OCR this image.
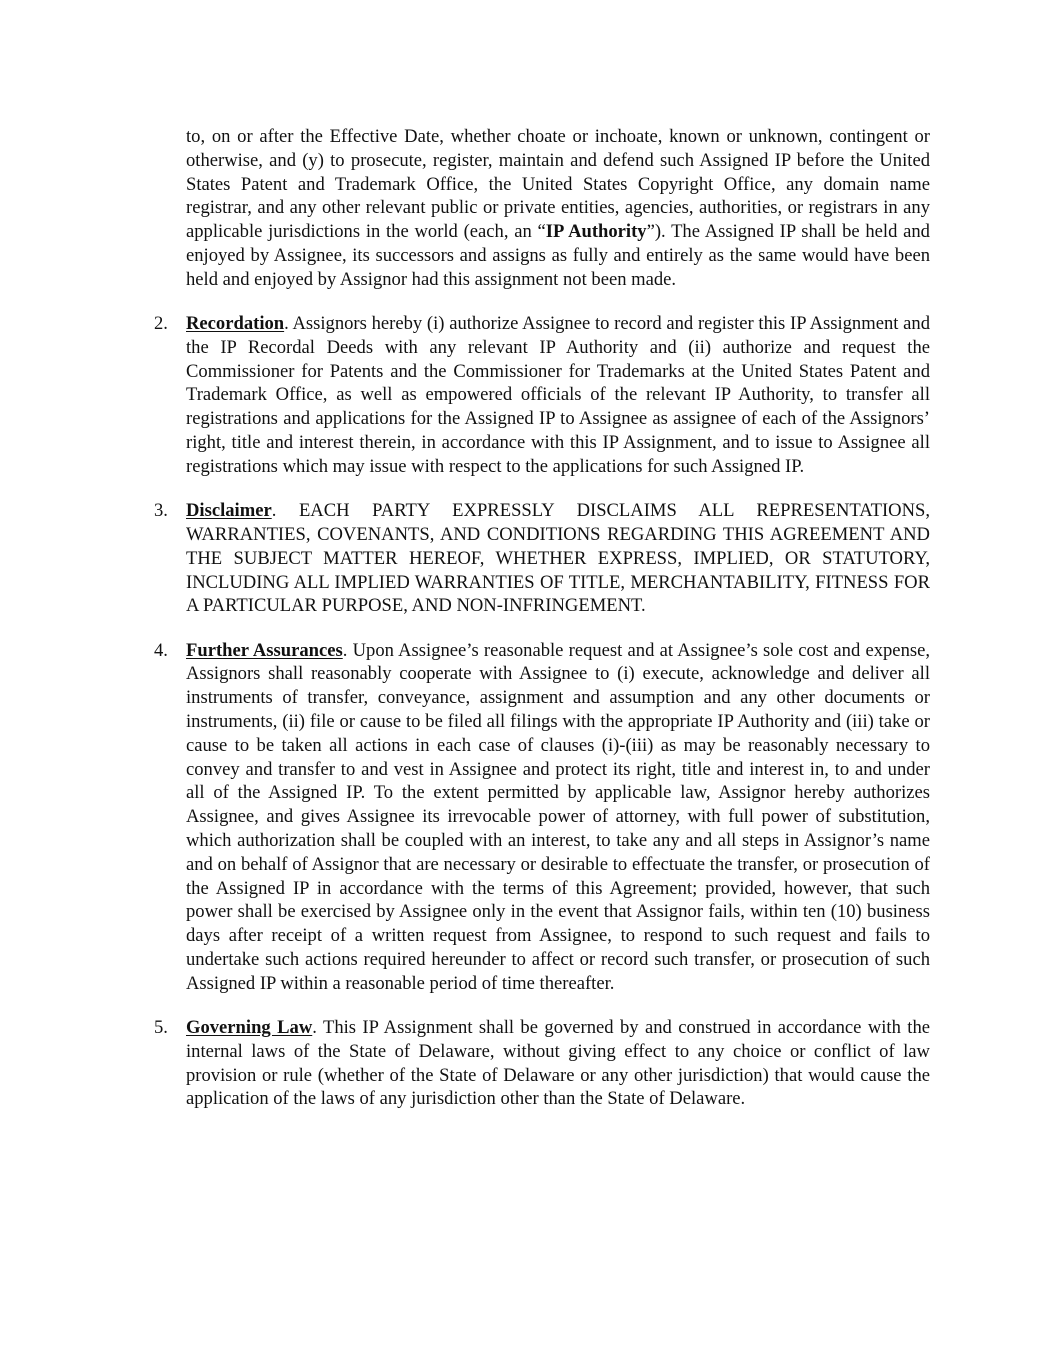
to, on or after the Effective Date, whether choate or inchoate, known or unknown, contingent or otherwise, and (y) to prosecute, register, maintain and defend such Assigned IP before the United States Patent and Trademark Office, the United States Copyright Office, any domain name registrar, and any other relevant public or private entities, agencies, authorities, or registrars in any applicable jurisdictions in the world (each, an “IP Authority”). The Assigned IP shall be held and enjoyed by Assignee, its successors and assigns as fully and entirely as the same would have been held and enjoyed by Assignor had this assignment not been made.

2. Recordation. Assignors hereby (i) authorize Assignee to record and register this IP Assignment and the IP Recordal Deeds with any relevant IP Authority and (ii) authorize and request the Commissioner for Patents and the Commissioner for Trademarks at the United States Patent and Trademark Office, as well as empowered officials of the relevant IP Authority, to transfer all registrations and applications for the Assigned IP to Assignee as assignee of each of the Assignors’ right, title and interest therein, in accordance with this IP Assignment, and to issue to Assignee all registrations which may issue with respect to the applications for such Assigned IP.

3. Disclaimer. EACH PARTY EXPRESSLY DISCLAIMS ALL REPRESENTATIONS, WARRANTIES, COVENANTS, AND CONDITIONS REGARDING THIS AGREEMENT AND THE SUBJECT MATTER HEREOF, WHETHER EXPRESS, IMPLIED, OR STATUTORY, INCLUDING ALL IMPLIED WARRANTIES OF TITLE, MERCHANTABILITY, FITNESS FOR A PARTICULAR PURPOSE, AND NON-INFRINGEMENT.

4. Further Assurances. Upon Assignee’s reasonable request and at Assignee’s sole cost and expense, Assignors shall reasonably cooperate with Assignee to (i) execute, acknowledge and deliver all instruments of transfer, conveyance, assignment and assumption and any other documents or instruments, (ii) file or cause to be filed all filings with the appropriate IP Authority and (iii) take or cause to be taken all actions in each case of clauses (i)-(iii) as may be reasonably necessary to convey and transfer to and vest in Assignee and protect its right, title and interest in, to and under all of the Assigned IP. To the extent permitted by applicable law, Assignor hereby authorizes Assignee, and gives Assignee its irrevocable power of attorney, with full power of substitution, which authorization shall be coupled with an interest, to take any and all steps in Assignor’s name and on behalf of Assignor that are necessary or desirable to effectuate the transfer, or prosecution of the Assigned IP in accordance with the terms of this Agreement; provided, however, that such power shall be exercised by Assignee only in the event that Assignor fails, within ten (10) business days after receipt of a written request from Assignee, to respond to such request and fails to undertake such actions required hereunder to affect or record such transfer, or prosecution of such Assigned IP within a reasonable period of time thereafter.

5. Governing Law. This IP Assignment shall be governed by and construed in accordance with the internal laws of the State of Delaware, without giving effect to any choice or conflict of law provision or rule (whether of the State of Delaware or any other jurisdiction) that would cause the application of the laws of any jurisdiction other than the State of Delaware.
